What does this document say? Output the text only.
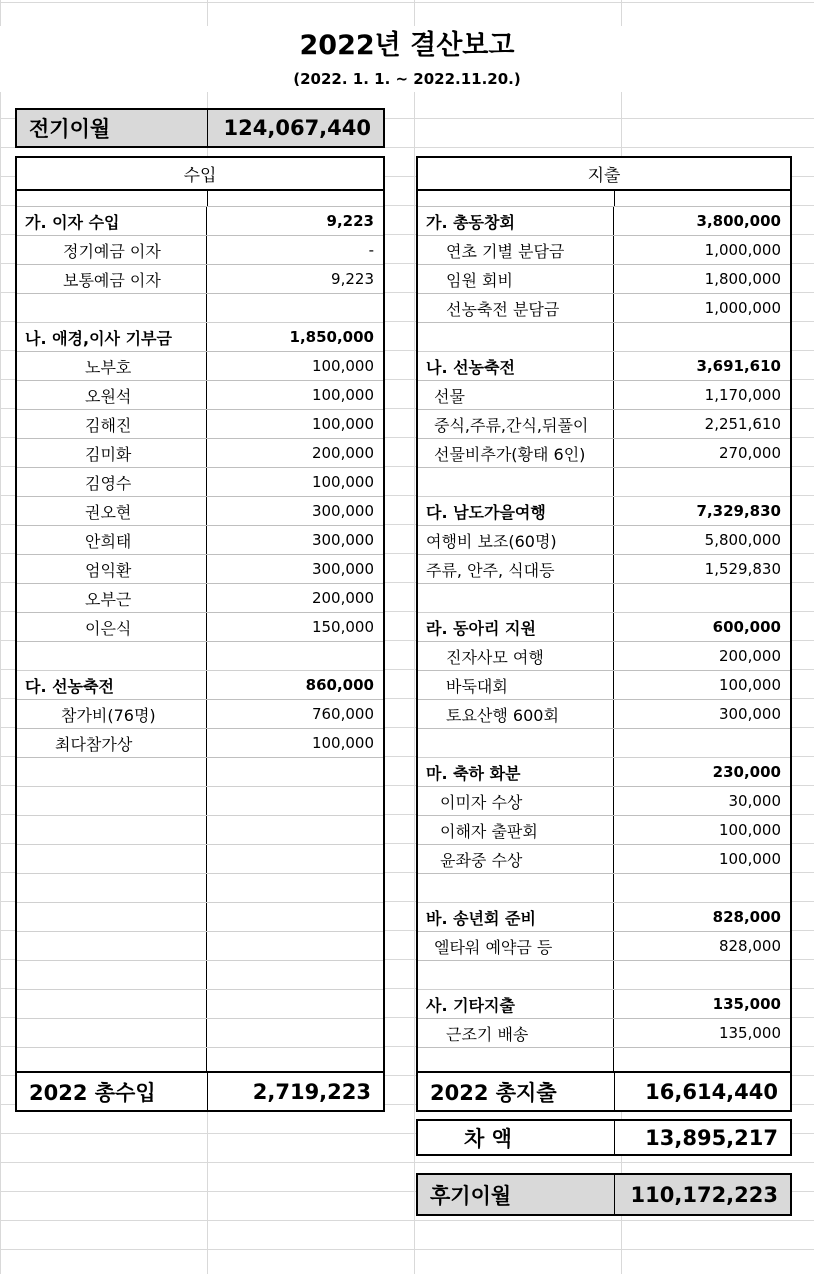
2022년 결산보고
(2022. 1. 1. ~ 2022.11.20.)
전기이월	124,067,440
수입
가. 이자 수입	9,223
정기예금 이자	-
보통예금 이자	9,223
나. 애경,이사 기부금	1,850,000
노부호	100,000
오원석	100,000
김해진	100,000
김미화	200,000
김영수	100,000
권오현	300,000
안희태	300,000
엄익환	300,000
오부근	200,000
이은식	150,000
다. 선농축전	860,000
참가비(76명)	760,000
최다참가상	100,000
지출
가. 총동창회	3,800,000
연초 기별 분담금	1,000,000
임원 회비	1,800,000
선농축전 분담금	1,000,000
나. 선농축전	3,691,610
선물	1,170,000
중식,주류,간식,뒤풀이	2,251,610
선물비추가(황태 6인)	270,000
다. 남도가을여행	7,329,830
여행비 보조(60명)	5,800,000
주류, 안주, 식대등	1,529,830
라. 동아리 지원	600,000
진자사모 여행	200,000
바둑대회	100,000
토요산행 600회	300,000
마. 축하 화분	230,000
이미자 수상	30,000
이해자 출판회	100,000
윤좌중 수상	100,000
바. 송년회 준비	828,000
엘타워 예약금 등	828,000
사. 기타지출	135,000
근조기 배송	135,000
2022 총수입	2,719,223	2022 총지출	16,614,440
차 액	13,895,217
후기이월	110,172,223
